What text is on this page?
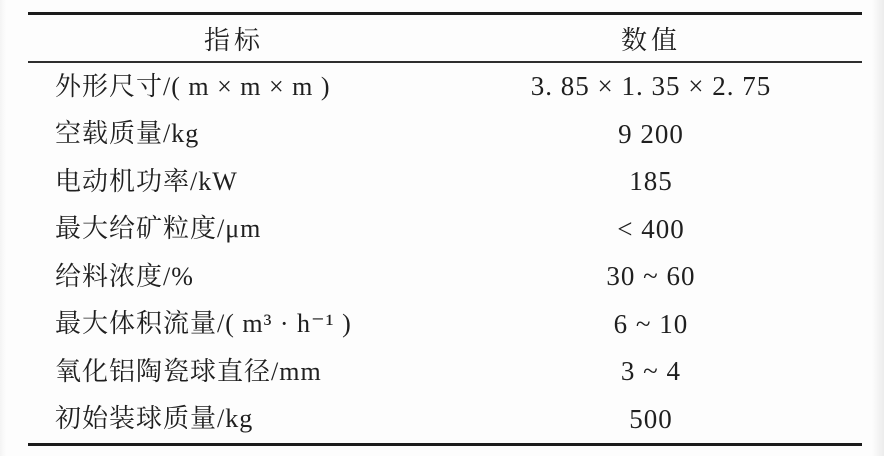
指标	数值
外形尺寸/( m × m × m )	3. 85 × 1. 35 × 2. 75
空载质量/kg	9 200
电动机功率/kW	185
最大给矿粒度/μm	< 400
给料浓度/%	30 ~ 60
最大体积流量/( m³ · h⁻¹ )	6 ~ 10
氧化铝陶瓷球直径/mm	3 ~ 4
初始装球质量/kg	500
